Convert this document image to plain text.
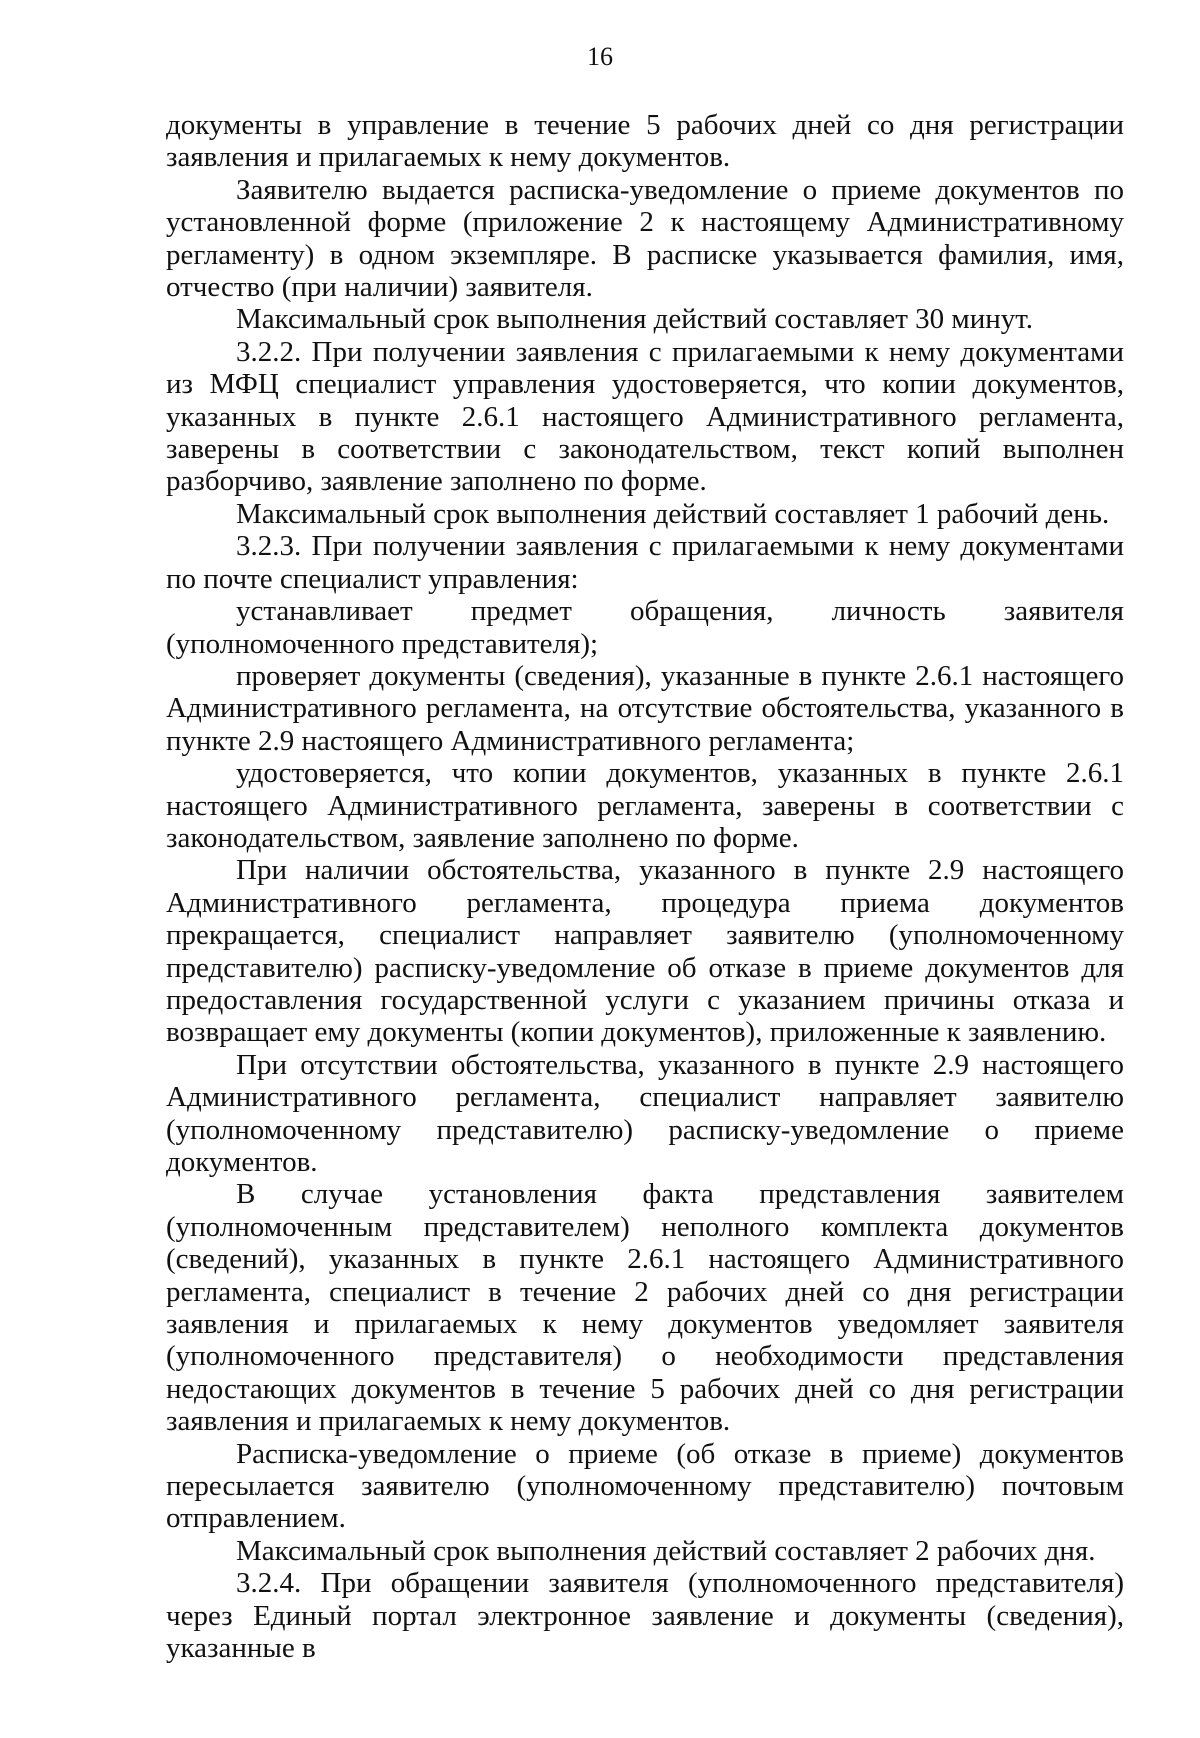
16

документы в управление в течение 5 рабочих дней со дня регистрации заявления и прилагаемых к нему документов.

Заявителю выдается расписка-уведомление о приеме документов по установленной форме (приложение 2 к настоящему Административному регламенту) в одном экземпляре. В расписке указывается фамилия, имя, отчество (при наличии) заявителя.

Максимальный срок выполнения действий составляет 30 минут.

3.2.2. При получении заявления с прилагаемыми к нему документами из МФЦ специалист управления удостоверяется, что копии документов, указанных в пункте 2.6.1 настоящего Административного регламента, заверены в соответствии с законодательством, текст копий выполнен разборчиво, заявление заполнено по форме.

Максимальный срок выполнения действий составляет 1 рабочий день.

3.2.3. При получении заявления с прилагаемыми к нему документами по почте специалист управления:

устанавливает предмет обращения, личность заявителя (уполномоченного представителя);

проверяет документы (сведения), указанные в пункте 2.6.1 настоящего Административного регламента, на отсутствие обстоятельства, указанного в пункте 2.9 настоящего Административного регламента;

удостоверяется, что копии документов, указанных в пункте 2.6.1 настоящего Административного регламента, заверены в соответствии с законодательством, заявление заполнено по форме.

При наличии обстоятельства, указанного в пункте 2.9 настоящего Административного регламента, процедура приема документов прекращается, специалист направляет заявителю (уполномоченному представителю) расписку-уведомление об отказе в приеме документов для предоставления государственной услуги с указанием причины отказа и возвращает ему документы (копии документов), приложенные к заявлению.

При отсутствии обстоятельства, указанного в пункте 2.9 настоящего Административного регламента, специалист направляет заявителю (уполномоченному представителю) расписку-уведомление о приеме документов.

В случае установления факта представления заявителем (уполномоченным представителем) неполного комплекта документов (сведений), указанных в пункте 2.6.1 настоящего Административного регламента, специалист в течение 2 рабочих дней со дня регистрации заявления и прилагаемых к нему документов уведомляет заявителя (уполномоченного представителя) о необходимости представления недостающих документов в течение 5 рабочих дней со дня регистрации заявления и прилагаемых к нему документов.

Расписка-уведомление о приеме (об отказе в приеме) документов пересылается заявителю (уполномоченному представителю) почтовым отправлением.

Максимальный срок выполнения действий составляет 2 рабочих дня.

3.2.4. При обращении заявителя (уполномоченного представителя) через Единый портал электронное заявление и документы (сведения), указанные в
